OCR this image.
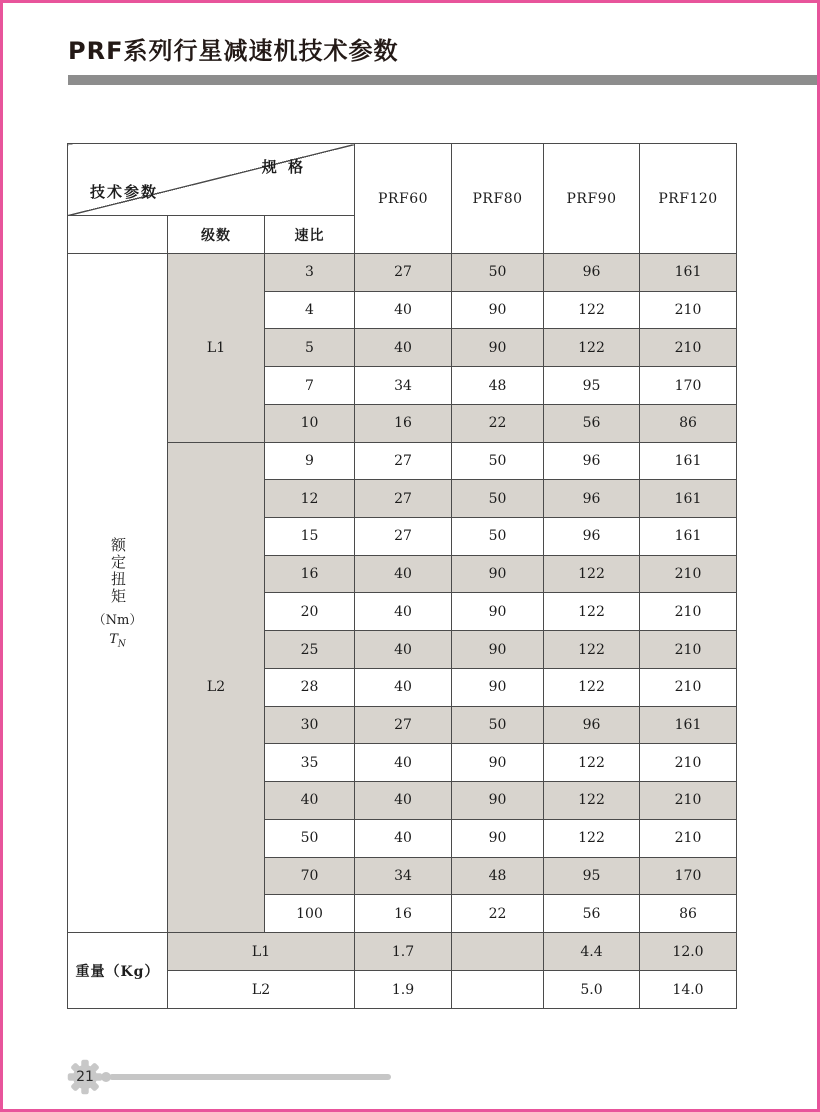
PRF系列行星减速机技术参数
规 格
技术参数			PRF60	PRF80	PRF90	PRF120
	级数	速比				

额定扭矩
（Nm）
$T_N$	L1	3	27	50	96	161
		4	40	90	122	210
		5	40	90	122	210
		7	34	48	95	170
		10	16	22	56	86
	L2	9	27	50	96	161
		12	27	50	96	161
		15	27	50	96	161
		16	40	90	122	210
		20	40	90	122	210
		25	40	90	122	210
		28	40	90	122	210
		30	27	50	96	161
		35	40	90	122	210
		40	40	90	122	210
		50	40	90	122	210
		70	34	48	95	170
		100	16	22	56	86
重量（Kg）	L1		1.7		4.4	12.0
	L2		1.9		5.0	14.0
21
